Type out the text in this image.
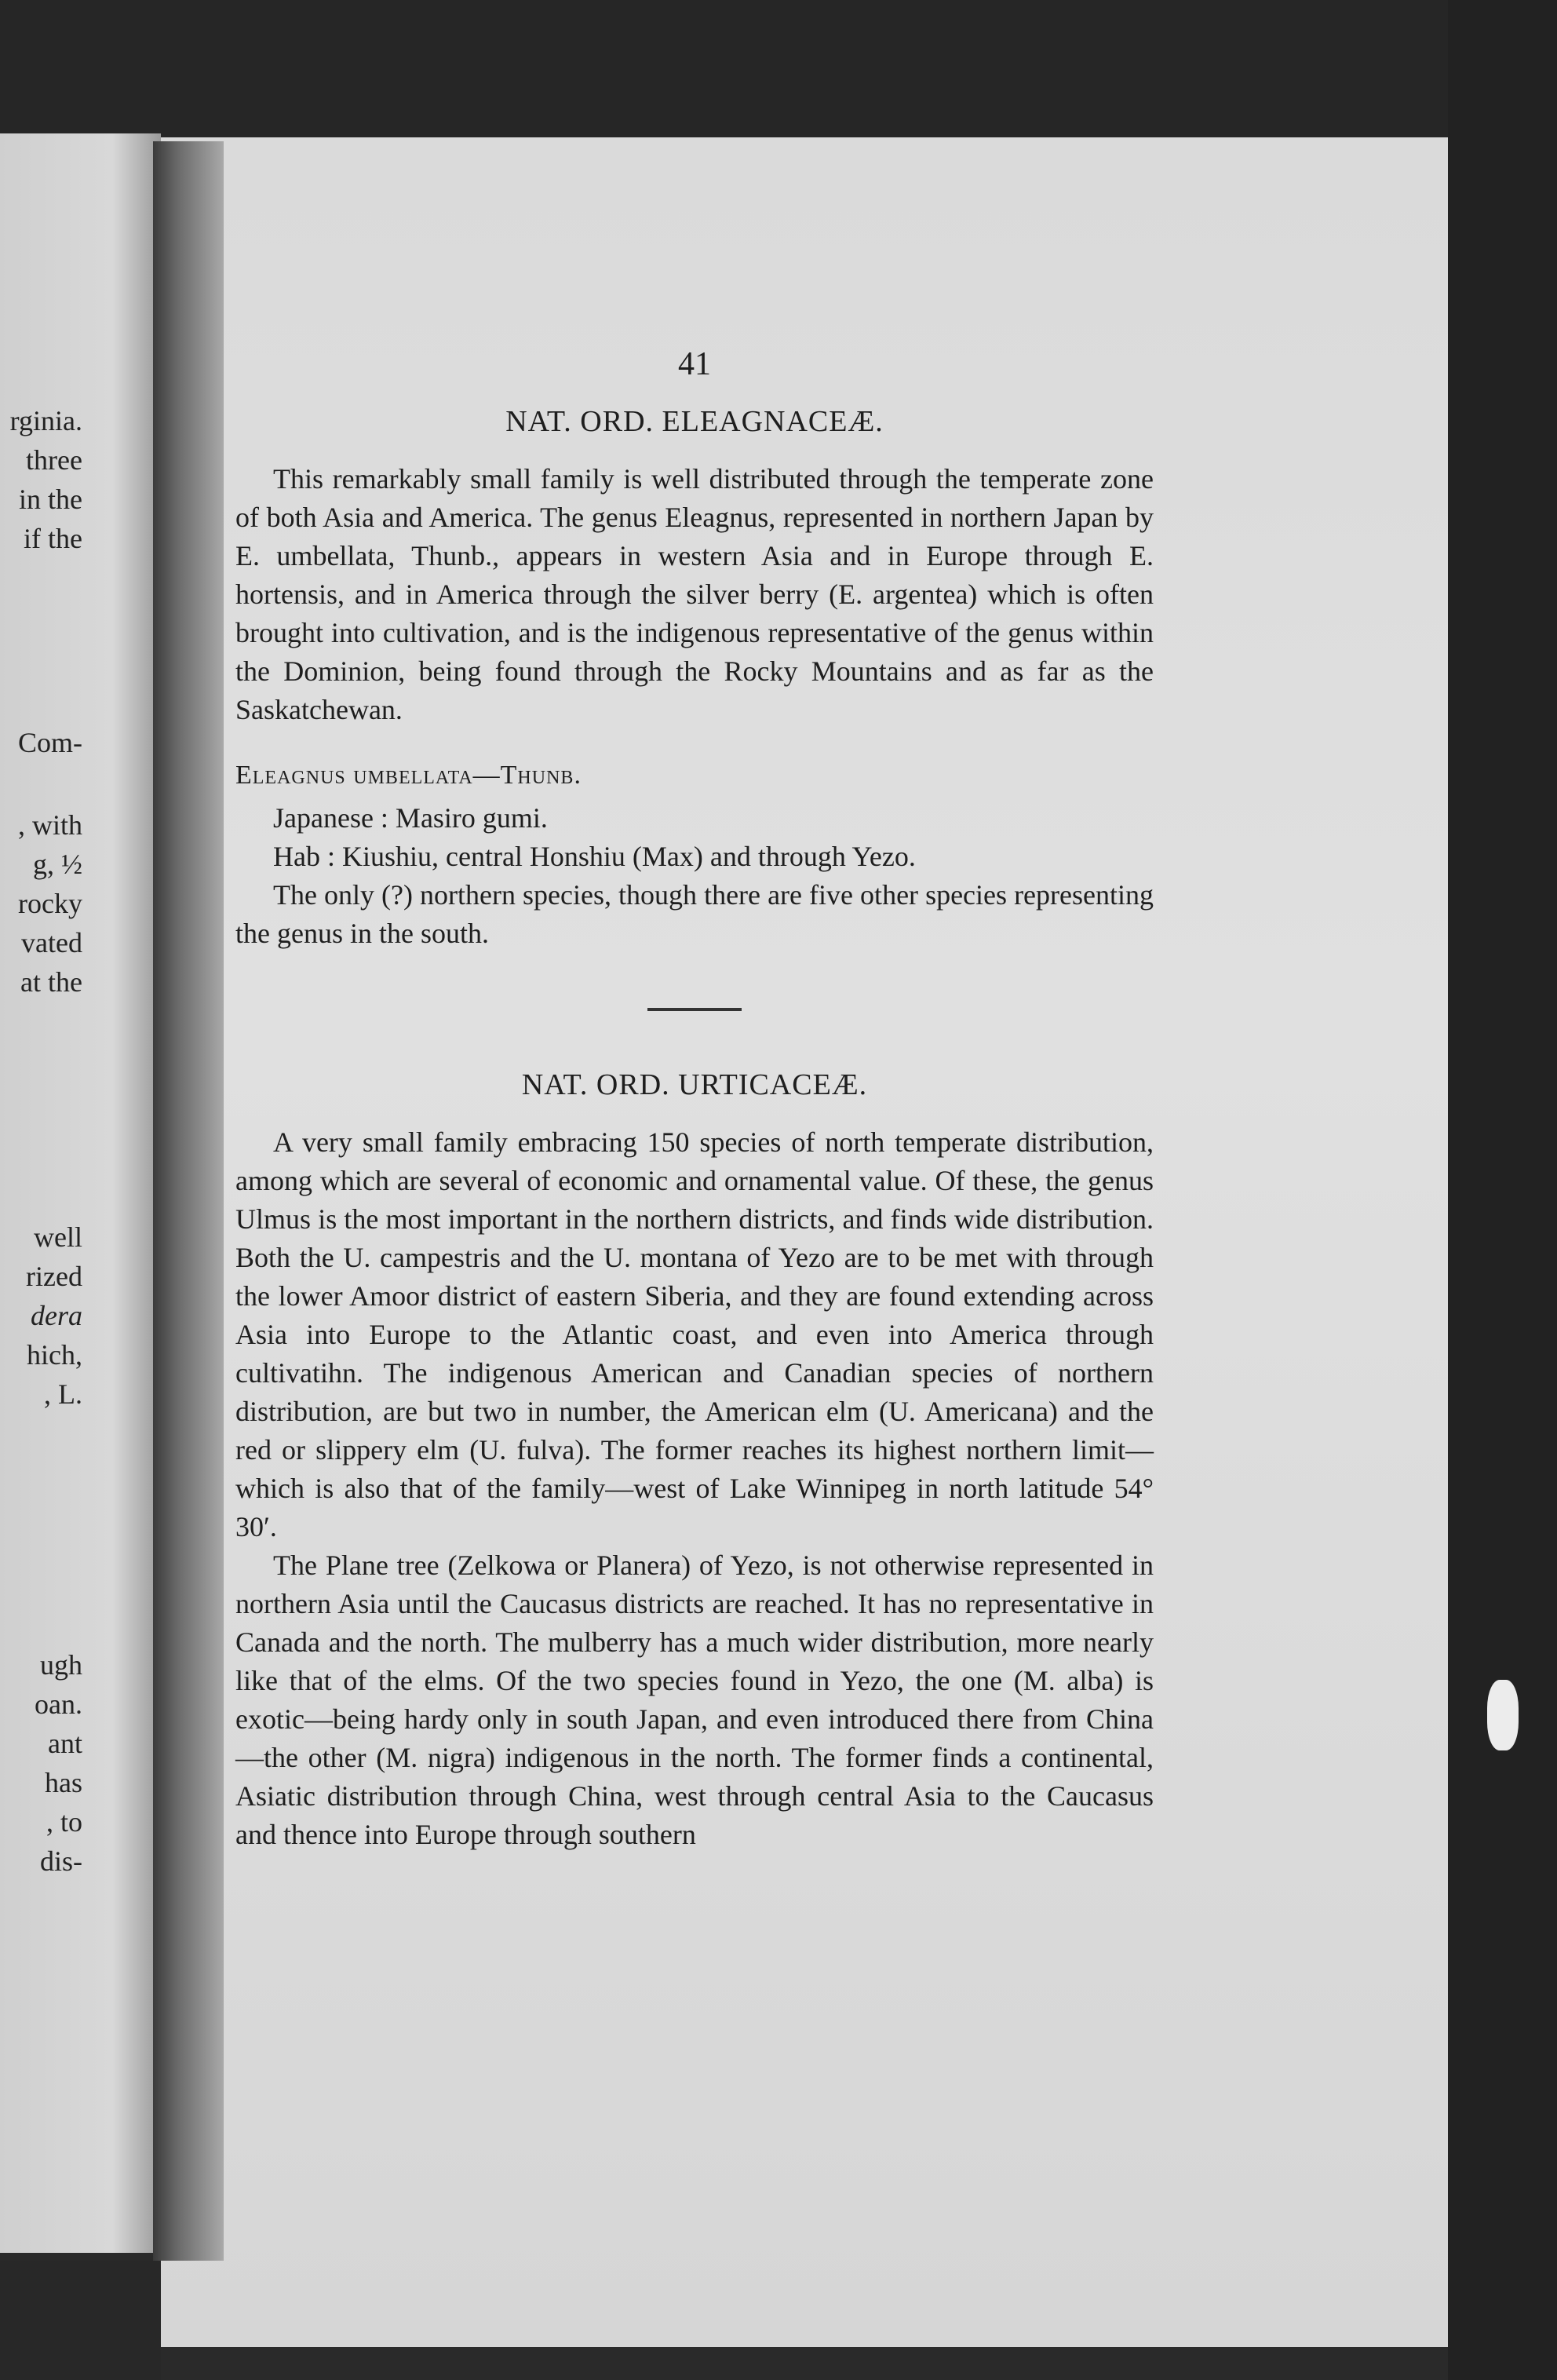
rginia.
three
in the
if the
Com-
, with
g, ½
rocky
vated
at the
well
rized
dera
hich,
, L.
ugh
oan.
ant
has
, to
dis-
41
NAT. ORD. ELEAGNACEÆ.

This remarkably small family is well distributed through the temperate zone of both Asia and America. The genus Eleagnus, represented in northern Japan by E. umbellata, Thunb., appears in western Asia and in Europe through E. hortensis, and in America through the silver berry (E. argentea) which is often brought into cultivation, and is the indigenous representative of the genus within the Dominion, being found through the Rocky Mountains and as far as the Saskatchewan.

Eleagnus umbellata—Thunb.

Japanese : Masiro gumi.

Hab : Kiushiu, central Honshiu (Max) and through Yezo.

The only (?) northern species, though there are five other species representing the genus in the south.

NAT. ORD. URTICACEÆ.

A very small family embracing 150 species of north temperate distribution, among which are several of economic and ornamental value. Of these, the genus Ulmus is the most important in the northern districts, and finds wide distribution. Both the U. campestris and the U. montana of Yezo are to be met with through the lower Amoor district of eastern Siberia, and they are found extending across Asia into Europe to the Atlantic coast, and even into America through cultivatihn. The indigenous American and Canadian species of northern distribution, are but two in number, the American elm (U. Americana) and the red or slippery elm (U. fulva). The former reaches its highest northern limit—which is also that of the family—west of Lake Winnipeg in north latitude 54° 30′.

The Plane tree (Zelkowa or Planera) of Yezo, is not otherwise represented in northern Asia until the Caucasus districts are reached. It has no representative in Canada and the north. The mulberry has a much wider distribution, more nearly like that of the elms. Of the two species found in Yezo, the one (M. alba) is exotic—being hardy only in south Japan, and even introduced there from China—the other (M. nigra) indigenous in the north. The former finds a continental, Asiatic distribution through China, west through central Asia to the Caucasus and thence into Europe through southern
